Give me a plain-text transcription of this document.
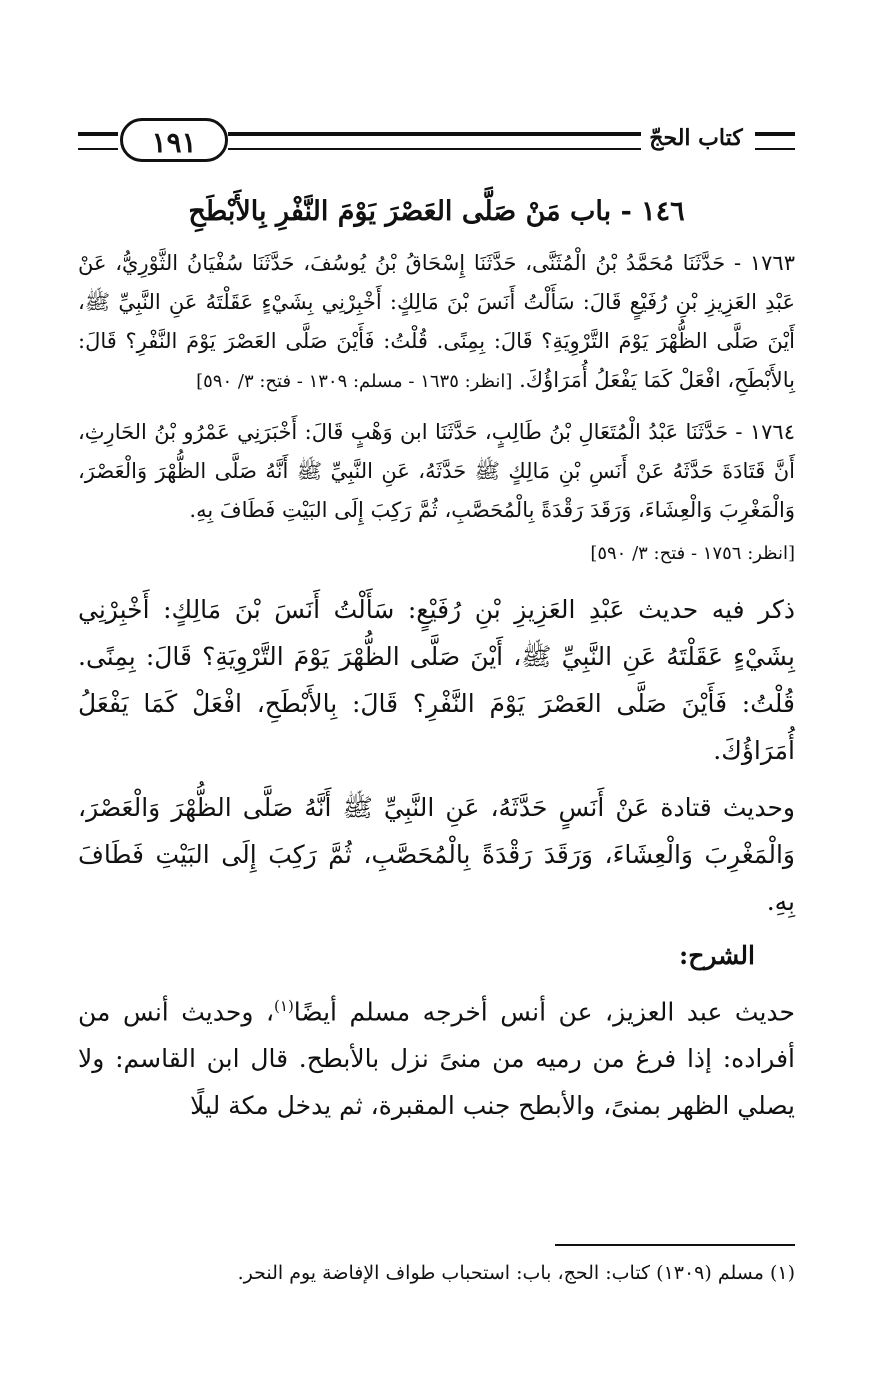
١٩١	كتاب الحجّ
١٤٦ - باب مَنْ صَلَّى العَصْرَ يَوْمَ النَّفْرِ بِالأَبْطَحِ

١٧٦٣ - حَدَّثَنَا مُحَمَّدُ بْنُ الْمُثَنَّى، حَدَّثَنَا إِسْحَاقُ بْنُ يُوسُفَ، حَدَّثَنَا سُفْيَانُ الثَّوْرِيُّ، عَنْ عَبْدِ العَزِيزِ بْنِ رُفَيْعٍ قَالَ: سَأَلْتُ أَنَسَ بْنَ مَالِكٍ: أَخْبِرْنِي بِشَيْءٍ عَقَلْتَهُ عَنِ النَّبِيِّ ﷺ، أَيْنَ صَلَّى الظُّهْرَ يَوْمَ التَّرْوِيَةِ؟ قَالَ: بِمِنًى. قُلْتُ: فَأَيْنَ صَلَّى العَصْرَ يَوْمَ النَّفْرِ؟ قَالَ: بِالأَبْطَحِ، افْعَلْ كَمَا يَفْعَلُ أُمَرَاؤُكَ. [انظر: ١٦٣٥ - مسلم: ١٣٠٩ - فتح: ٣/ ٥٩٠]

١٧٦٤ - حَدَّثَنَا عَبْدُ الْمُتَعَالِ بْنُ طَالِبٍ، حَدَّثَنَا ابن وَهْبٍ قَالَ: أَخْبَرَنِي عَمْرُو بْنُ الحَارِثِ، أَنَّ قَتَادَةَ حَدَّثَهُ عَنْ أَنَسِ بْنِ مَالِكٍ ﷺ حَدَّثَهُ، عَنِ النَّبِيِّ ﷺ أَنَّهُ صَلَّى الظُّهْرَ وَالْعَصْرَ، وَالْمَغْرِبَ وَالْعِشَاءَ، وَرَقَدَ رَقْدَةً بِالْمُحَصَّبِ، ثُمَّ رَكِبَ إِلَى البَيْتِ فَطَافَ بِهِ.

[انظر: ١٧٥٦ - فتح: ٣/ ٥٩٠]

ذكر فيه حديث عَبْدِ العَزِيزِ بْنِ رُفَيْعٍ: سَأَلْتُ أَنَسَ بْنَ مَالِكٍ: أَخْبِرْنِي بِشَيْءٍ عَقَلْتَهُ عَنِ النَّبِيِّ ﷺ، أَيْنَ صَلَّى الظُّهْرَ يَوْمَ التَّرْوِيَةِ؟ قَالَ: بِمِنًى. قُلْتُ: فَأَيْنَ صَلَّى العَصْرَ يَوْمَ النَّفْرِ؟ قَالَ: بِالأَبْطَحِ، افْعَلْ كَمَا يَفْعَلُ أُمَرَاؤُكَ.

وحديث قتادة عَنْ أَنَسٍ حَدَّثَهُ، عَنِ النَّبِيِّ ﷺ أَنَّهُ صَلَّى الظُّهْرَ وَالْعَصْرَ، وَالْمَغْرِبَ وَالْعِشَاءَ، وَرَقَدَ رَقْدَةً بِالْمُحَصَّبِ، ثُمَّ رَكِبَ إِلَى البَيْتِ فَطَافَ بِهِ.

الشرح:

حديث عبد العزيز، عن أنس أخرجه مسلم أيضًا$^{(١)}$، وحديث أنس من أفراده: إذا فرغ من رميه من منىً نزل بالأبطح. قال ابن القاسم: ولا يصلي الظهر بمنىً، والأبطح جنب المقبرة، ثم يدخل مكة ليلًا

(١) مسلم (١٣٠٩) كتاب: الحج، باب: استحباب طواف الإفاضة يوم النحر.
